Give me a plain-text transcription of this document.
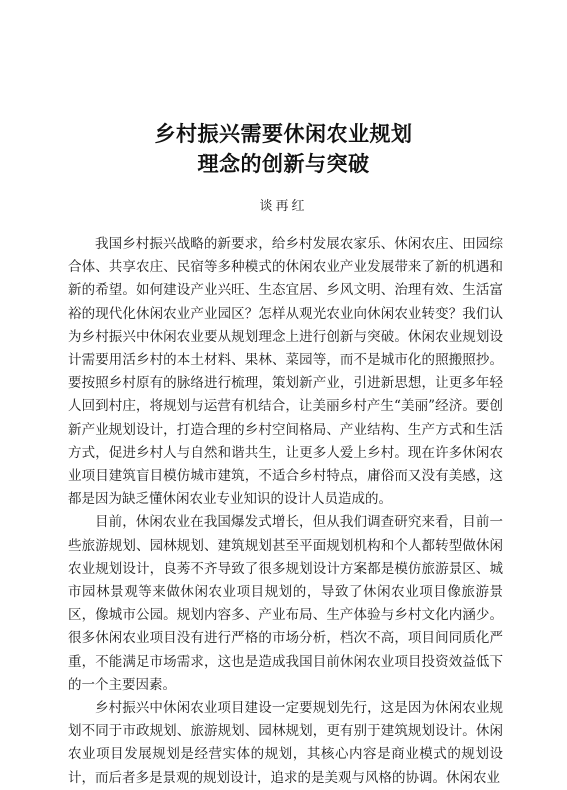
乡村振兴需要休闲农业规划
理念的创新与突破
谈再红

我国乡村振兴战略的新要求，给乡村发展农家乐、休闲农庄、田园综合体、共享农庄、民宿等多种模式的休闲农业产业发展带来了新的机遇和新的希望。如何建设产业兴旺、生态宜居、乡风文明、治理有效、生活富裕的现代化休闲农业产业园区？怎样从观光农业向休闲农业转变？我们认为乡村振兴中休闲农业要从规划理念上进行创新与突破。休闲农业规划设计需要用活乡村的本土材料、果林、菜园等，而不是城市化的照搬照抄。要按照乡村原有的脉络进行梳理，策划新产业，引进新思想，让更多年轻人回到村庄，将规划与运营有机结合，让美丽乡村产生“美丽”经济。要创新产业规划设计，打造合理的乡村空间格局、产业结构、生产方式和生活方式，促进乡村人与自然和谐共生，让更多人爱上乡村。现在许多休闲农业项目建筑盲目模仿城市建筑，不适合乡村特点，庸俗而又没有美感，这都是因为缺乏懂休闲农业专业知识的设计人员造成的。

目前，休闲农业在我国爆发式增长，但从我们调查研究来看，目前一些旅游规划、园林规划、建筑规划甚至平面规划机构和个人都转型做休闲农业规划设计，良莠不齐导致了很多规划设计方案都是模仿旅游景区、城市园林景观等来做休闲农业项目规划的，导致了休闲农业项目像旅游景区，像城市公园。规划内容多、产业布局、生产体验与乡村文化内涵少。很多休闲农业项目没有进行严格的市场分析，档次不高，项目间同质化严重，不能满足市场需求，这也是造成我国目前休闲农业项目投资效益低下的一个主要因素。

乡村振兴中休闲农业项目建设一定要规划先行，这是因为休闲农业规划不同于市政规划、旅游规划、园林规划，更有别于建筑规划设计。休闲农业项目发展规划是经营实体的规划，其核心内容是商业模式的规划设计，而后者多是景观的规划设计，追求的是美观与风格的协调。休闲农业
